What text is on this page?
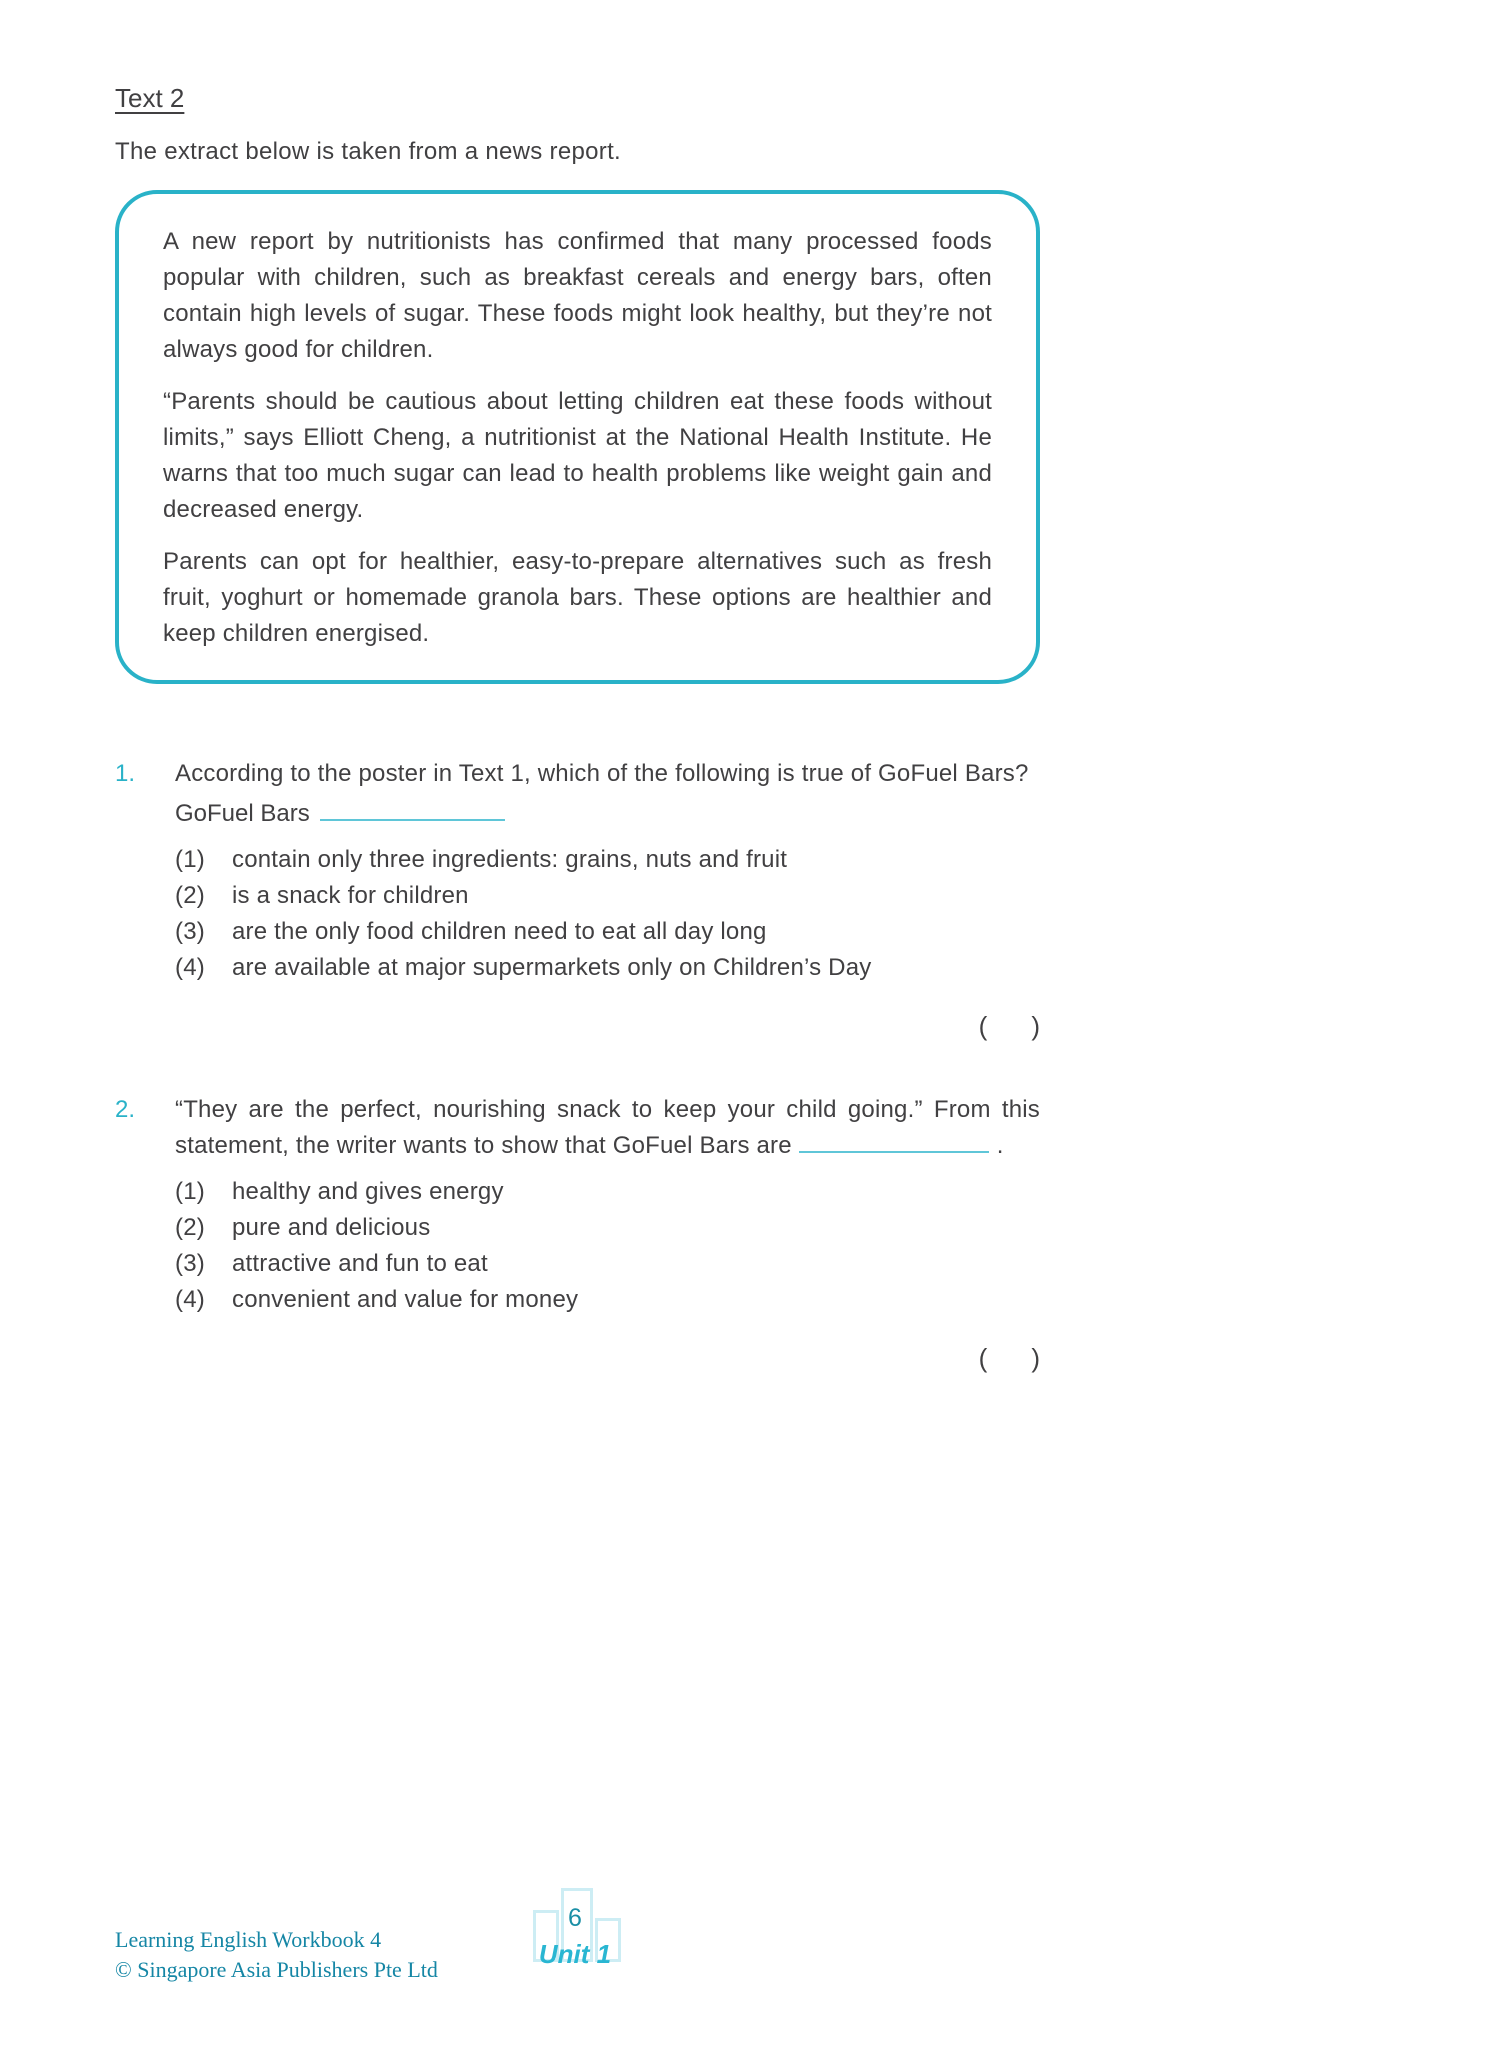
Text 2

The extract below is taken from a news report.

A new report by nutritionists has confirmed that many processed foods popular with children, such as breakfast cereals and energy bars, often contain high levels of sugar. These foods might look healthy, but they’re not always good for children.

“Parents should be cautious about letting children eat these foods without limits,” says Elliott Cheng, a nutritionist at the National Health Institute. He warns that too much sugar can lead to health problems like weight gain and decreased energy.

Parents can opt for healthier, easy-to-prepare alternatives such as fresh fruit, yoghurt or homemade granola bars. These options are healthier and keep children energised.

1.	According to the poster in Text 1, which of the following is true of GoFuel Bars?

GoFuel Bars

(1)	contain only three ingredients: grains, nuts and fruit
(2)	is a snack for children
(3)	are the only food children need to eat all day long
(4)	are available at major supermarkets only on Children’s Day
( )
2.	“They are the perfect, nourishing snack to keep your child going.” From this statement, the writer wants to show that GoFuel Bars are	.

(1)	healthy and gives energy
(2)	pure and delicious
(3)	attractive and fun to eat
(4)	convenient and value for money
( )
Learning English Workbook 4
© Singapore Asia Publishers Pte Ltd
6
Unit 1
